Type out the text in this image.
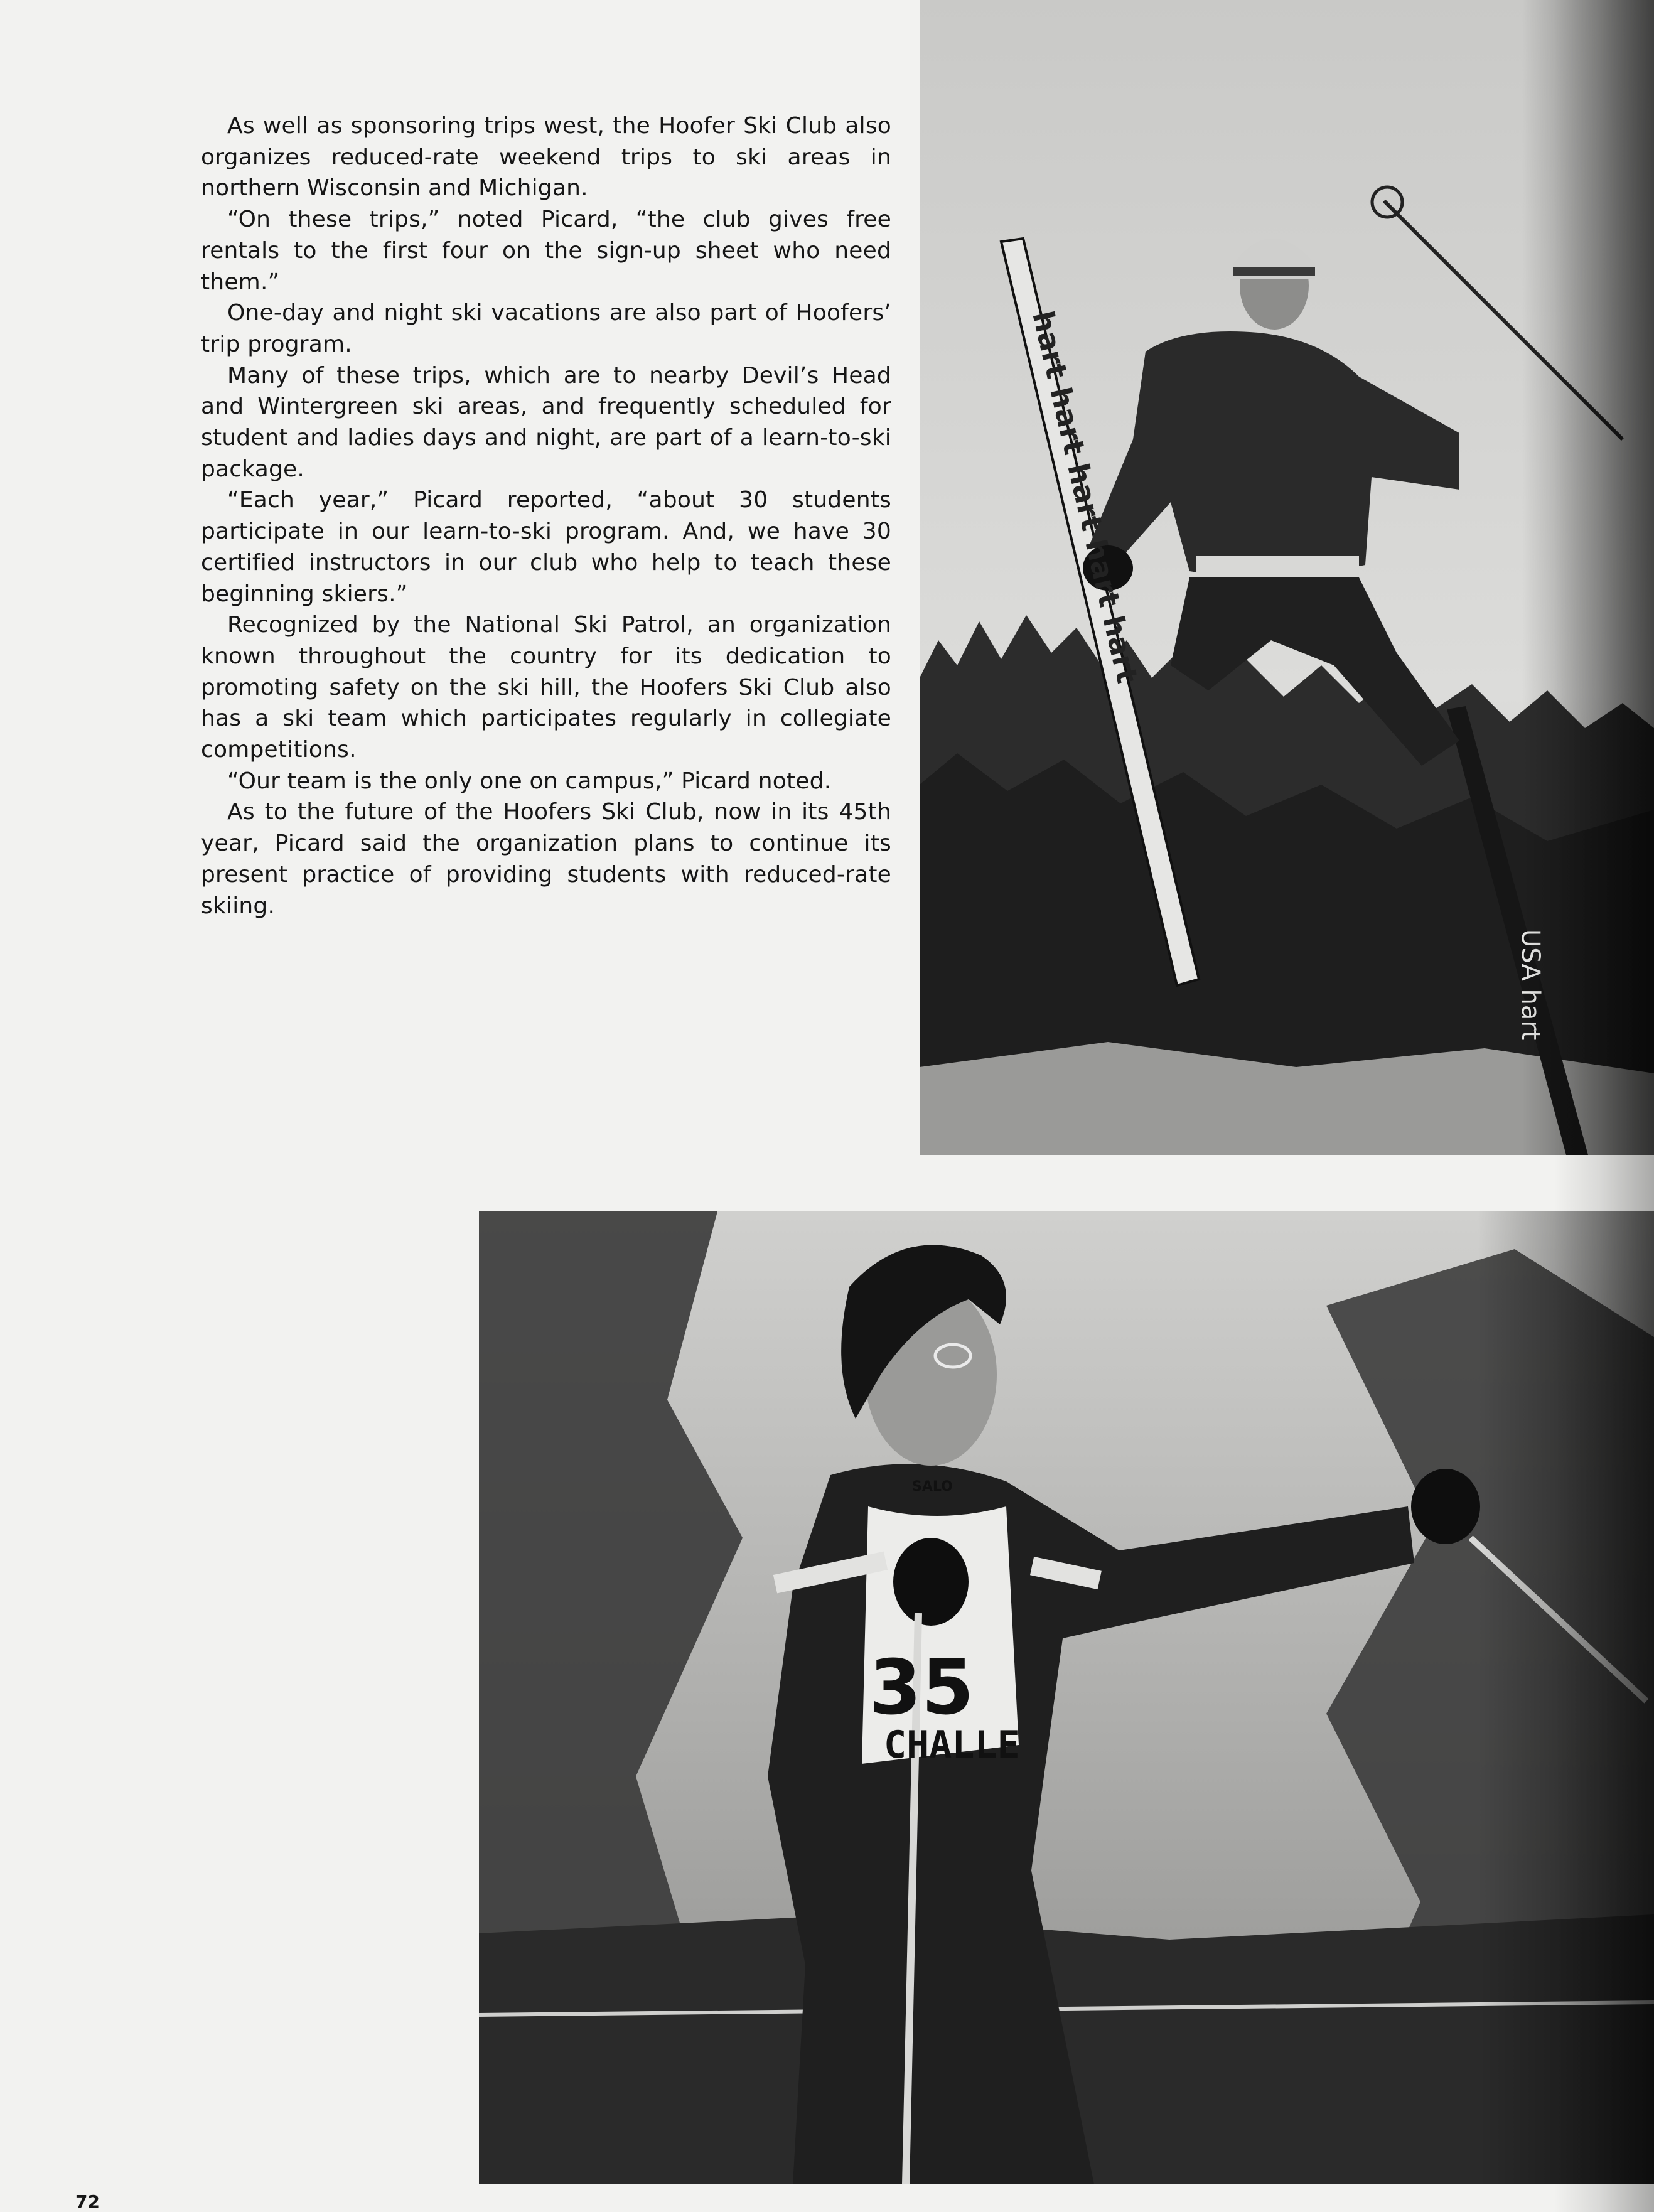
As well as sponsoring trips west, the Hoofer Ski Club also organizes reduced-rate weekend trips to ski areas in northern Wisconsin and Michigan.

“On these trips,” noted Picard, “the club gives free rentals to the first four on the sign-up sheet who need them.”

One-day and night ski vacations are also part of Hoofers’ trip program.

Many of these trips, which are to nearby Devil’s Head and Wintergreen ski areas, and frequently scheduled for student and ladies days and night, are part of a learn-to-ski package.

“Each year,” Picard reported, “about 30 students participate in our learn-to-ski program. And, we have 30 certified instructors in our club who help to teach these beginning skiers.”

Recognized by the National Ski Patrol, an organization known throughout the country for its dedication to promoting safety on the ski hill, the Hoofers Ski Club also has a ski team which participates regularly in collegiate competitions.

“Our team is the only one on campus,” Picard noted.

As to the future of the Hoofers Ski Club, now in its 45th year, Picard said the organization plans to continue its present practice of providing students with reduced-rate skiing.

72
